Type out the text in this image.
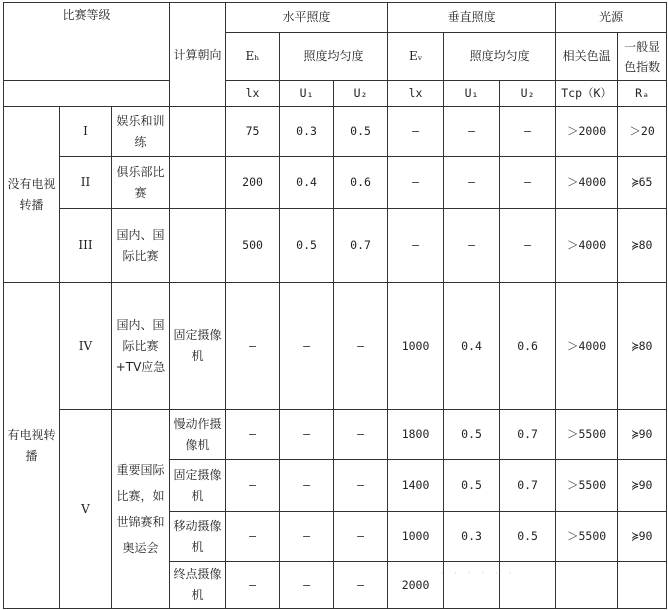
比赛等级			计算朝向	水平照度			垂直照度			光源	
				Eₕ	照度均匀度		Eᵥ	照度均匀度		相关色温	一般显色指数
				lx	U₁	U₂	lx	U₁	U₂	Tcp（K）	Rₐ
没有电视转播	I	娱乐和训练		75	0.3	0.5	–	–	–	＞2000	＞20
	II	俱乐部比赛		200	0.4	0.6	–	–	–	＞4000	≽65
	III	国内、国际比赛		500	0.5	0.7	–	–	–	＞4000	≽80
有电视转播	IV	国内、国际比赛+TV应急	固定摄像机	–	–	–	1000	0.4	0.6	＞4000	≽80
	V	重要国际比赛，如世锦赛和奥运会	慢动作摄像机	–	–	–	1800	0.5	0.7	＞5500	≽90
			固定摄像机	–	–	–	1400	0.5	0.7	＞5500	≽90
			移动摄像机	–	–	–	1000	0.3	0.5	＞5500	≽90
			终点摄像机	–	–	–	2000				
· · · · · ·
